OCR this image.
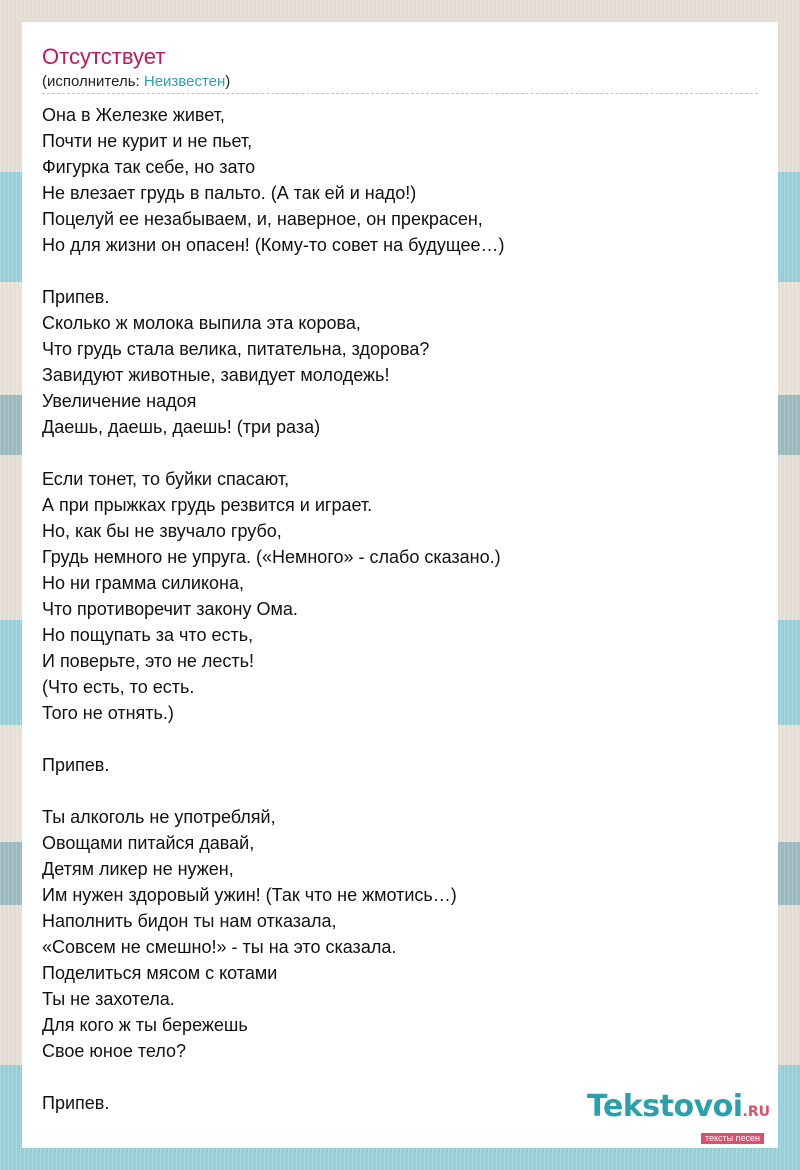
Отсутствует
(исполнитель: Неизвестен)
Она в Железке живет,
Почти не курит и не пьет,
Фигурка так себе, но зато
Не влезает грудь в пальто. (А так ей и надо!)
Поцелуй ее незабываем, и, наверное, он прекрасен,
Но для жизни он опасен! (Кому-то совет на будущее…)
Припев.
Сколько ж молока выпила эта корова,
Что грудь стала велика, питательна, здорова?
Завидуют животные, завидует молодежь!
Увеличение надоя
Даешь, даешь, даешь! (три раза)
Если тонет, то буйки спасают,
А при прыжках грудь резвится и играет.
Но, как бы не звучало грубо,
Грудь немного не упруга. («Немного» - слабо сказано.)
Но ни грамма силикона,
Что противоречит закону Ома.
Но пощупать за что есть,
И поверьте, это не лесть!
(Что есть, то есть.
Того не отнять.)
Припев.
Ты алкоголь не употребляй,
Овощами питайся давай,
Детям ликер не нужен,
Им нужен здоровый ужин! (Так что не жмотись…)
Наполнить бидон ты нам отказала,
«Совсем не смешно!» - ты на это сказала.
Поделиться мясом с котами
Ты не захотела.
Для кого ж ты бережешь
Свое юное тело?
Припев.	Tekstovoi.RU
тексты песен
